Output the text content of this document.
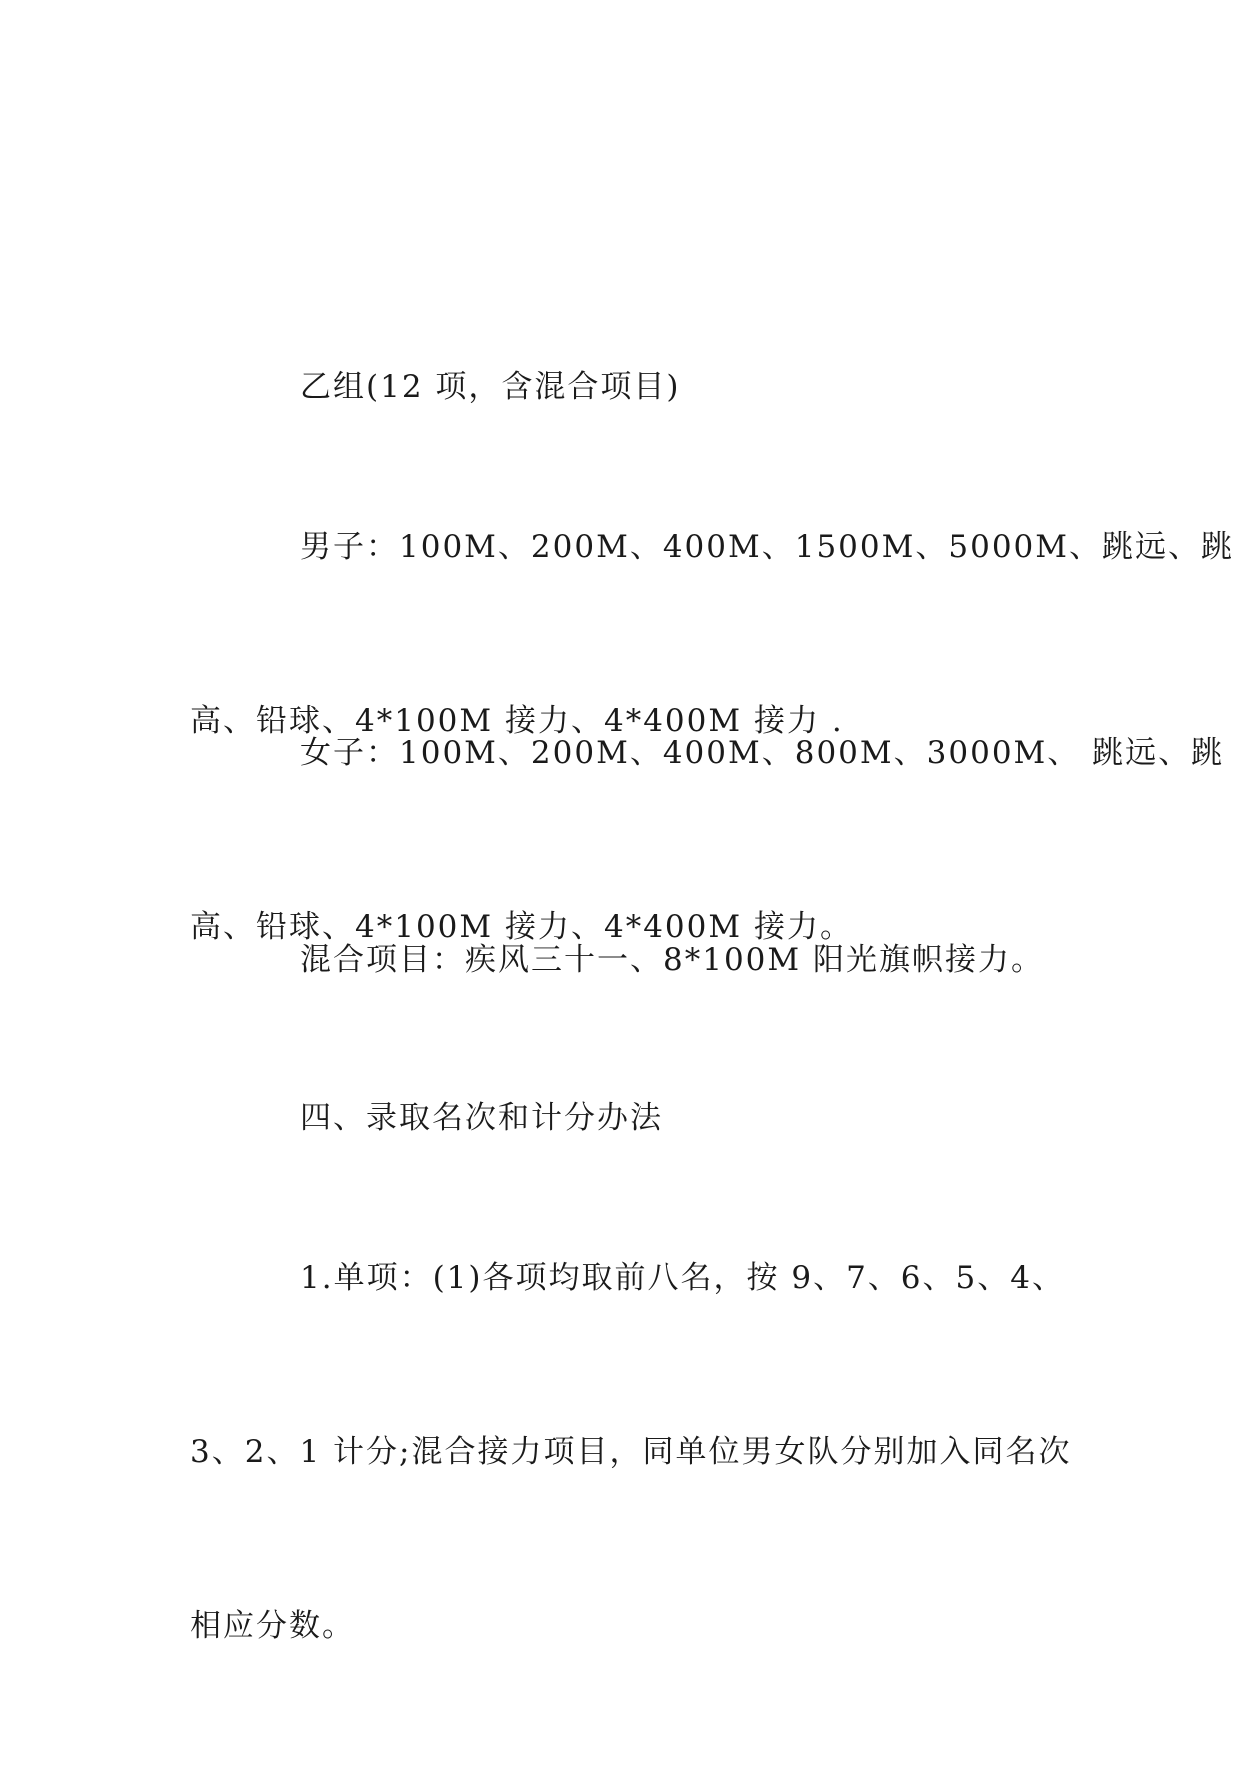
乙组(12 项，含混合项目)

男子：100M、200M、400M、1500M、5000M、跳远、跳

高、铅球、4*100M 接力、4*400M 接力 .

女子：100M、200M、400M、800M、3000M、 跳远、跳

高、铅球、4*100M 接力、4*400M 接力。

混合项目：疾风三十一、8*100M 阳光旗帜接力。

四、录取名次和计分办法

1.单项：(1)各项均取前八名，按 9、7、6、5、4、

3、2、1 计分;混合接力项目，同单位男女队分别加入同名次

相应分数。
